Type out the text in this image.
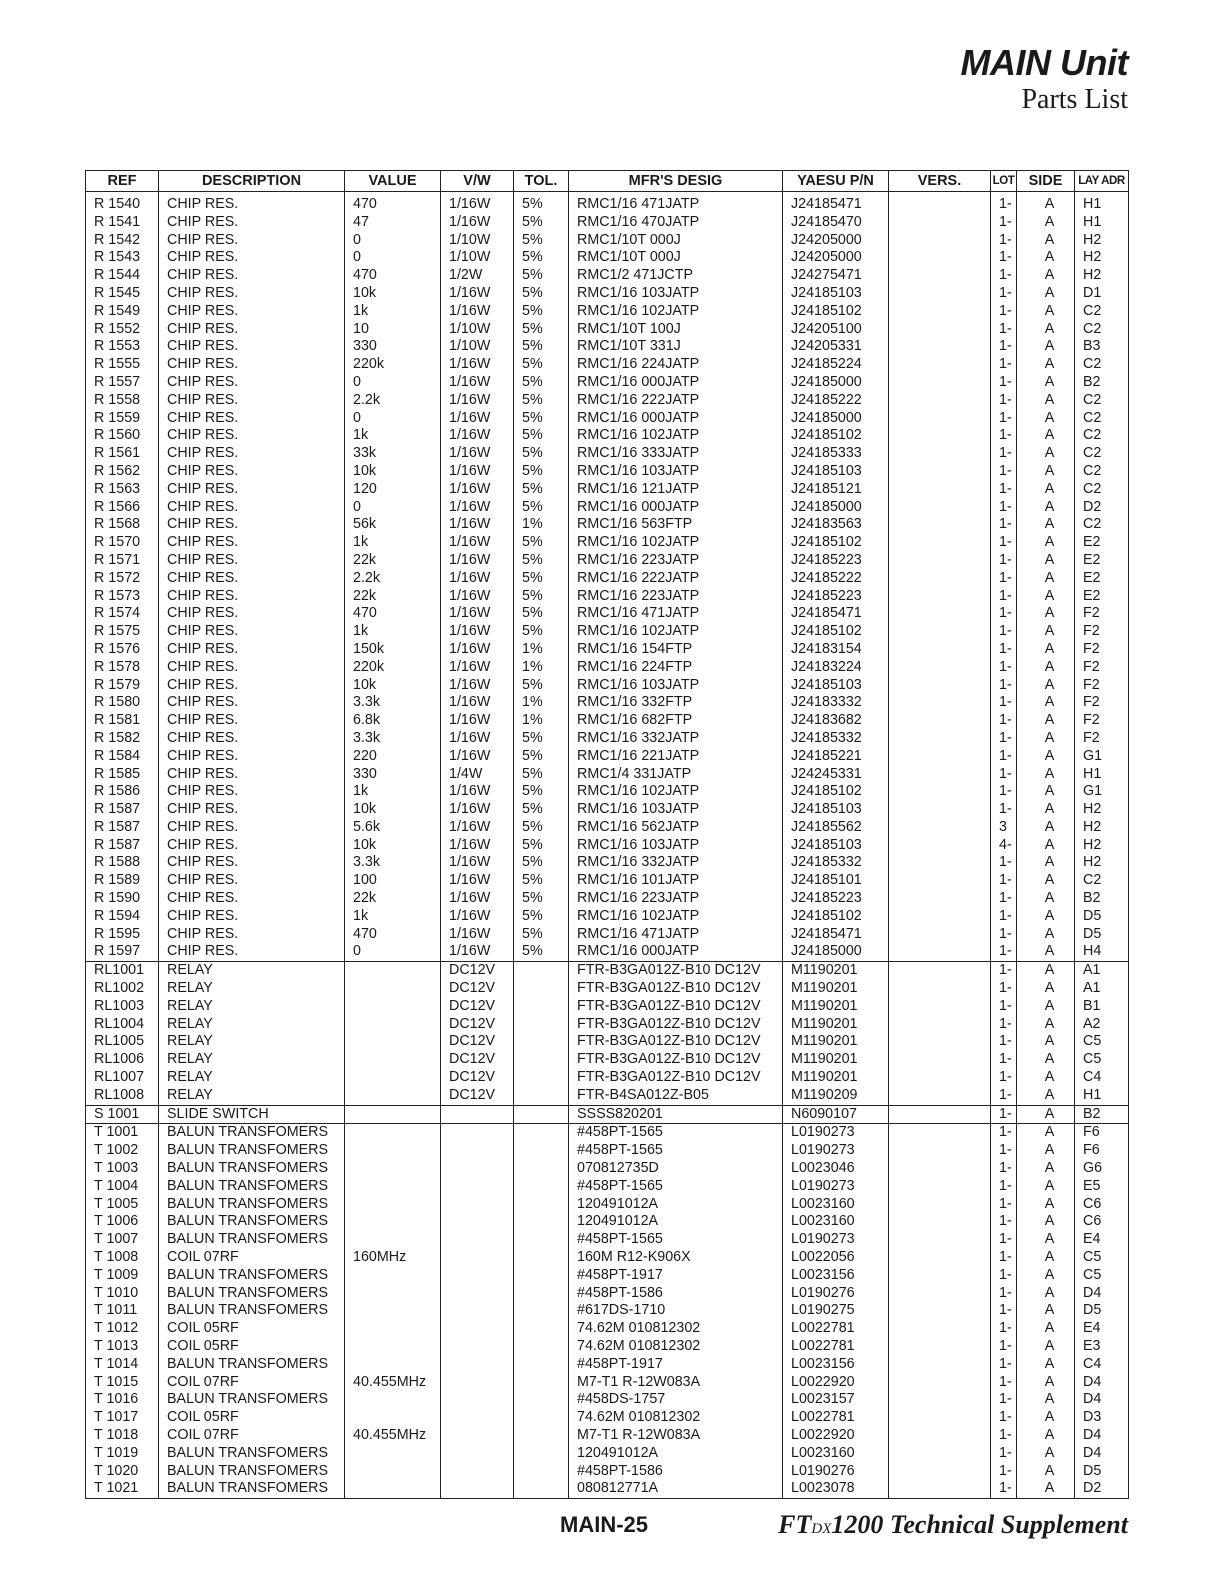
MAIN Unit
Parts List
REF	DESCRIPTION	VALUE	V/W	TOL.	MFR'S DESIG	YAESU P/N	VERS.	LOT	SIDE	LAY ADR
R 1540	CHIP RES.	470	1/16W	5%	RMC1/16 471JATP	J24185471		1-	A	H1
R 1541	CHIP RES.	47	1/16W	5%	RMC1/16 470JATP	J24185470		1-	A	H1
R 1542	CHIP RES.	0	1/10W	5%	RMC1/10T 000J	J24205000		1-	A	H2
R 1543	CHIP RES.	0	1/10W	5%	RMC1/10T 000J	J24205000		1-	A	H2
R 1544	CHIP RES.	470	1/2W	5%	RMC1/2 471JCTP	J24275471		1-	A	H2
R 1545	CHIP RES.	10k	1/16W	5%	RMC1/16 103JATP	J24185103		1-	A	D1
R 1549	CHIP RES.	1k	1/16W	5%	RMC1/16 102JATP	J24185102		1-	A	C2
R 1552	CHIP RES.	10	1/10W	5%	RMC1/10T 100J	J24205100		1-	A	C2
R 1553	CHIP RES.	330	1/10W	5%	RMC1/10T 331J	J24205331		1-	A	B3
R 1555	CHIP RES.	220k	1/16W	5%	RMC1/16 224JATP	J24185224		1-	A	C2
R 1557	CHIP RES.	0	1/16W	5%	RMC1/16 000JATP	J24185000		1-	A	B2
R 1558	CHIP RES.	2.2k	1/16W	5%	RMC1/16 222JATP	J24185222		1-	A	C2
R 1559	CHIP RES.	0	1/16W	5%	RMC1/16 000JATP	J24185000		1-	A	C2
R 1560	CHIP RES.	1k	1/16W	5%	RMC1/16 102JATP	J24185102		1-	A	C2
R 1561	CHIP RES.	33k	1/16W	5%	RMC1/16 333JATP	J24185333		1-	A	C2
R 1562	CHIP RES.	10k	1/16W	5%	RMC1/16 103JATP	J24185103		1-	A	C2
R 1563	CHIP RES.	120	1/16W	5%	RMC1/16 121JATP	J24185121		1-	A	C2
R 1566	CHIP RES.	0	1/16W	5%	RMC1/16 000JATP	J24185000		1-	A	D2
R 1568	CHIP RES.	56k	1/16W	1%	RMC1/16 563FTP	J24183563		1-	A	C2
R 1570	CHIP RES.	1k	1/16W	5%	RMC1/16 102JATP	J24185102		1-	A	E2
R 1571	CHIP RES.	22k	1/16W	5%	RMC1/16 223JATP	J24185223		1-	A	E2
R 1572	CHIP RES.	2.2k	1/16W	5%	RMC1/16 222JATP	J24185222		1-	A	E2
R 1573	CHIP RES.	22k	1/16W	5%	RMC1/16 223JATP	J24185223		1-	A	E2
R 1574	CHIP RES.	470	1/16W	5%	RMC1/16 471JATP	J24185471		1-	A	F2
R 1575	CHIP RES.	1k	1/16W	5%	RMC1/16 102JATP	J24185102		1-	A	F2
R 1576	CHIP RES.	150k	1/16W	1%	RMC1/16 154FTP	J24183154		1-	A	F2
R 1578	CHIP RES.	220k	1/16W	1%	RMC1/16 224FTP	J24183224		1-	A	F2
R 1579	CHIP RES.	10k	1/16W	5%	RMC1/16 103JATP	J24185103		1-	A	F2
R 1580	CHIP RES.	3.3k	1/16W	1%	RMC1/16 332FTP	J24183332		1-	A	F2
R 1581	CHIP RES.	6.8k	1/16W	1%	RMC1/16 682FTP	J24183682		1-	A	F2
R 1582	CHIP RES.	3.3k	1/16W	5%	RMC1/16 332JATP	J24185332		1-	A	F2
R 1584	CHIP RES.	220	1/16W	5%	RMC1/16 221JATP	J24185221		1-	A	G1
R 1585	CHIP RES.	330	1/4W	5%	RMC1/4 331JATP	J24245331		1-	A	H1
R 1586	CHIP RES.	1k	1/16W	5%	RMC1/16 102JATP	J24185102		1-	A	G1
R 1587	CHIP RES.	10k	1/16W	5%	RMC1/16 103JATP	J24185103		1-	A	H2
R 1587	CHIP RES.	5.6k	1/16W	5%	RMC1/16 562JATP	J24185562		3	A	H2
R 1587	CHIP RES.	10k	1/16W	5%	RMC1/16 103JATP	J24185103		4-	A	H2
R 1588	CHIP RES.	3.3k	1/16W	5%	RMC1/16 332JATP	J24185332		1-	A	H2
R 1589	CHIP RES.	100	1/16W	5%	RMC1/16 101JATP	J24185101		1-	A	C2
R 1590	CHIP RES.	22k	1/16W	5%	RMC1/16 223JATP	J24185223		1-	A	B2
R 1594	CHIP RES.	1k	1/16W	5%	RMC1/16 102JATP	J24185102		1-	A	D5
R 1595	CHIP RES.	470	1/16W	5%	RMC1/16 471JATP	J24185471		1-	A	D5
R 1597	CHIP RES.	0	1/16W	5%	RMC1/16 000JATP	J24185000		1-	A	H4
RL1001	RELAY		DC12V		FTR-B3GA012Z-B10 DC12V	M1190201		1-	A	A1
RL1002	RELAY		DC12V		FTR-B3GA012Z-B10 DC12V	M1190201		1-	A	A1
RL1003	RELAY		DC12V		FTR-B3GA012Z-B10 DC12V	M1190201		1-	A	B1
RL1004	RELAY		DC12V		FTR-B3GA012Z-B10 DC12V	M1190201		1-	A	A2
RL1005	RELAY		DC12V		FTR-B3GA012Z-B10 DC12V	M1190201		1-	A	C5
RL1006	RELAY		DC12V		FTR-B3GA012Z-B10 DC12V	M1190201		1-	A	C5
RL1007	RELAY		DC12V		FTR-B3GA012Z-B10 DC12V	M1190201		1-	A	C4
RL1008	RELAY		DC12V		FTR-B4SA012Z-B05	M1190209		1-	A	H1
S 1001	SLIDE SWITCH				SSSS820201	N6090107		1-	A	B2
T 1001	BALUN TRANSFOMERS				#458PT-1565	L0190273		1-	A	F6
T 1002	BALUN TRANSFOMERS				#458PT-1565	L0190273		1-	A	F6
T 1003	BALUN TRANSFOMERS				070812735D	L0023046		1-	A	G6
T 1004	BALUN TRANSFOMERS				#458PT-1565	L0190273		1-	A	E5
T 1005	BALUN TRANSFOMERS				120491012A	L0023160		1-	A	C6
T 1006	BALUN TRANSFOMERS				120491012A	L0023160		1-	A	C6
T 1007	BALUN TRANSFOMERS				#458PT-1565	L0190273		1-	A	E4
T 1008	COIL 07RF	160MHz			160M R12-K906X	L0022056		1-	A	C5
T 1009	BALUN TRANSFOMERS				#458PT-1917	L0023156		1-	A	C5
T 1010	BALUN TRANSFOMERS				#458PT-1586	L0190276		1-	A	D4
T 1011	BALUN TRANSFOMERS				#617DS-1710	L0190275		1-	A	D5
T 1012	COIL 05RF				74.62M 010812302	L0022781		1-	A	E4
T 1013	COIL 05RF				74.62M 010812302	L0022781		1-	A	E3
T 1014	BALUN TRANSFOMERS				#458PT-1917	L0023156		1-	A	C4
T 1015	COIL 07RF	40.455MHz			M7-T1 R-12W083A	L0022920		1-	A	D4
T 1016	BALUN TRANSFOMERS				#458DS-1757	L0023157		1-	A	D4
T 1017	COIL 05RF				74.62M 010812302	L0022781		1-	A	D3
T 1018	COIL 07RF	40.455MHz			M7-T1 R-12W083A	L0022920		1-	A	D4
T 1019	BALUN TRANSFOMERS				120491012A	L0023160		1-	A	D4
T 1020	BALUN TRANSFOMERS				#458PT-1586	L0190276		1-	A	D5
T 1021	BALUN TRANSFOMERS				080812771A	L0023078		1-	A	D2
MAIN-25	FTDX1200 Technical Supplement
